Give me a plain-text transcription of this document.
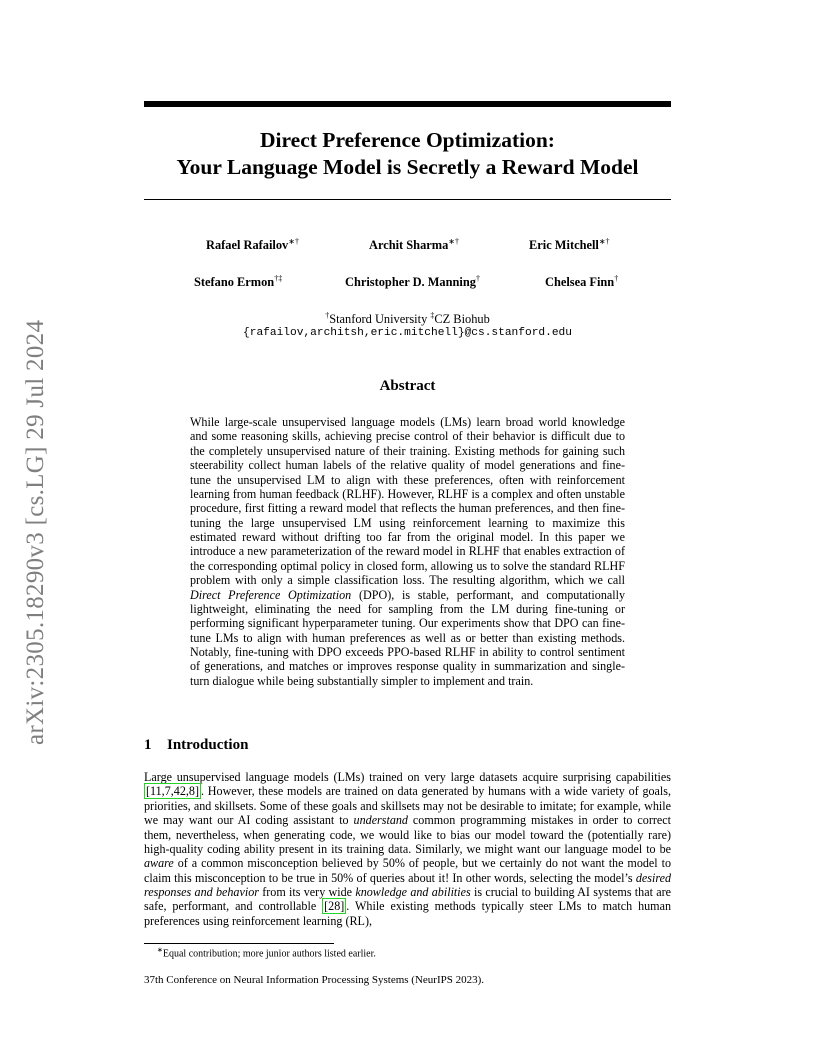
arXiv:2305.18290v3 [cs.LG] 29 Jul 2024
Direct Preference Optimization:
Your Language Model is Secretly a Reward Model
Rafael Rafailov∗†	Archit Sharma∗†	Eric Mitchell∗†
Stefano Ermon†‡	Christopher D. Manning†	Chelsea Finn†
†Stanford University ‡CZ Biohub
{rafailov,architsh,eric.mitchell}@cs.stanford.edu
Abstract
While large-scale unsupervised language models (LMs) learn broad world knowledge and some reasoning skills, achieving precise control of their behavior is difficult due to the completely unsupervised nature of their training. Existing methods for gaining such steerability collect human labels of the relative quality of model generations and fine-tune the unsupervised LM to align with these preferences, often with reinforcement learning from human feedback (RLHF). However, RLHF is a complex and often unstable procedure, first fitting a reward model that reflects the human preferences, and then fine-tuning the large unsupervised LM using reinforcement learning to maximize this estimated reward without drifting too far from the original model. In this paper we introduce a new parameterization of the reward model in RLHF that enables extraction of the corresponding optimal policy in closed form, allowing us to solve the standard RLHF problem with only a simple classification loss. The resulting algorithm, which we call Direct Preference Optimization (DPO), is stable, performant, and computationally lightweight, eliminating the need for sampling from the LM during fine-tuning or performing significant hyperparameter tuning. Our experiments show that DPO can fine-tune LMs to align with human preferences as well as or better than existing methods. Notably, fine-tuning with DPO exceeds PPO-based RLHF in ability to control sentiment of generations, and matches or improves response quality in summarization and single-turn dialogue while being substantially simpler to implement and train.
1 Introduction
Large unsupervised language models (LMs) trained on very large datasets acquire surprising capabilities [11,7,42,8] . However, these models are trained on data generated by humans with a wide variety of goals, priorities, and skillsets. Some of these goals and skillsets may not be desirable to imitate; for example, while we may want our AI coding assistant to understand common programming mistakes in order to correct them, nevertheless, when generating code, we would like to bias our model toward the (potentially rare) high-quality coding ability present in its training data. Similarly, we might want our language model to be aware of a common misconception believed by 50% of people, but we certainly do not want the model to claim this misconception to be true in 50% of queries about it! In other words, selecting the model’s desired responses and behavior from its very wide knowledge and abilities is crucial to building AI systems that are safe, performant, and controllable [28] . While existing methods typically steer LMs to match human preferences using reinforcement learning (RL),
∗Equal contribution; more junior authors listed earlier.
37th Conference on Neural Information Processing Systems (NeurIPS 2023).
